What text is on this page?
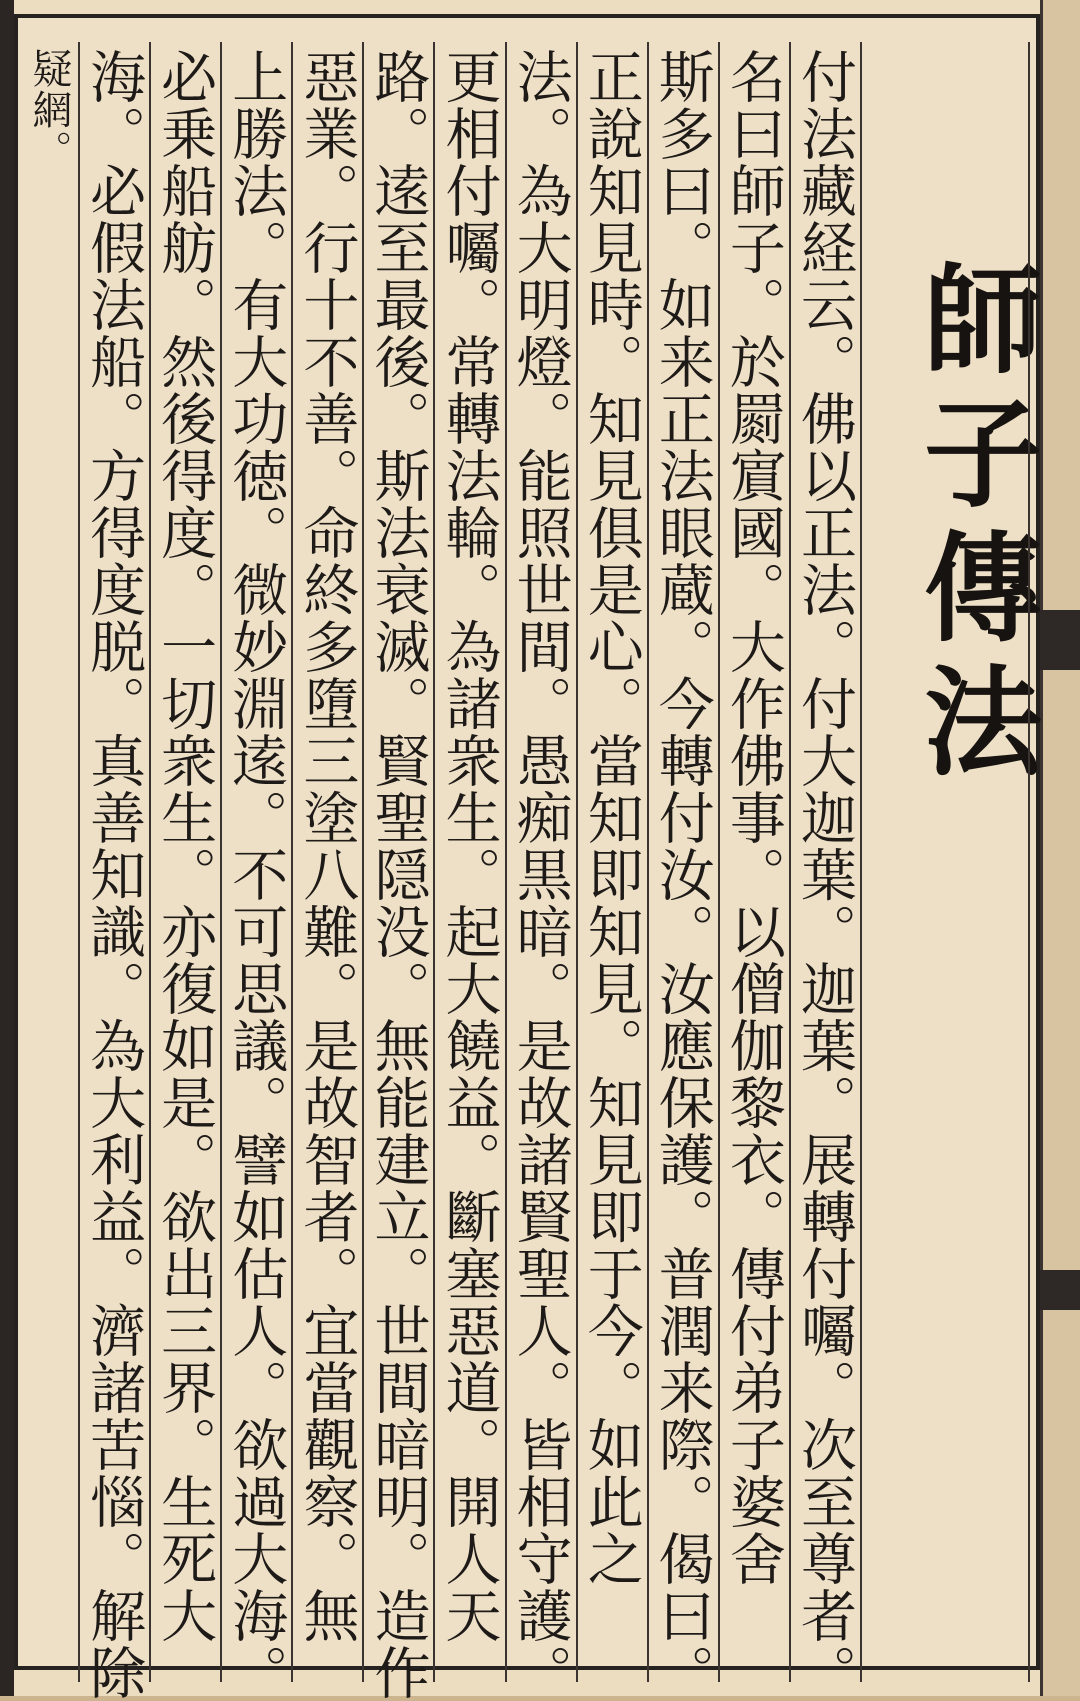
師子傳法
付法藏経云。佛以正法。付大迦葉。迦葉。展轉付囑。次至尊者。
名曰師子。於罽賔國。大作佛事。以僧伽黎衣。傳付弟子婆舍
斯多曰。如来正法眼蔵。今轉付汝。汝應保護。普潤来際。偈曰。
正說知見時。知見俱是心。當知即知見。知見即于今。如此之
法。為大明燈。能照世間。愚痴黒暗。是故諸賢聖人。皆相守護。
更相付囑。常轉法輪。為諸衆生。起大饒益。斷塞惡道。開人天
路。逺至最後。斯法衰滅。賢聖隠没。無能建立。世間暗明。造作
惡業。行十不善。命終多墮三塗八難。是故智者。宜當觀察。無
上勝法。有大功徳。微妙淵逺。不可思議。譬如估人。欲過大海。
必乗船舫。然後得度。一切衆生。亦復如是。欲出三界。生死大
海。必假法船。方得度脱。真善知識。為大利益。濟諸苦惱。解除
疑網。
